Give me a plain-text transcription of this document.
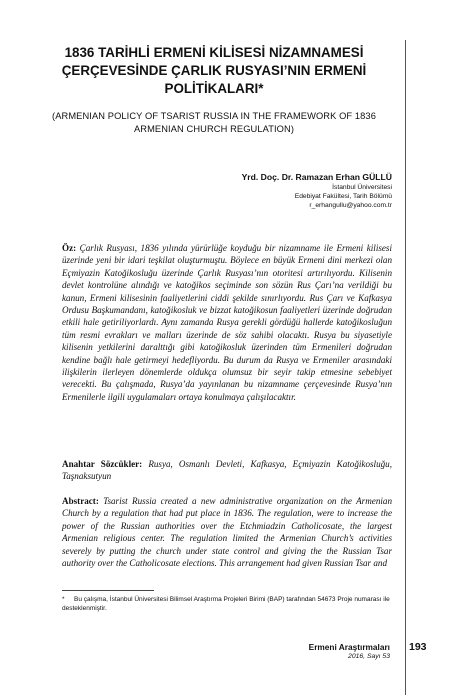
1836 TARİHLİ ERMENİ KİLİSESİ NİZAMNAMESİ ÇERÇEVESİNDE ÇARLIK RUSYASI’NIN ERMENİ POLİTİKALARI*

(ARMENIAN POLICY OF TSARIST RUSSIA IN THE FRAMEWORK OF 1836 ARMENIAN CHURCH REGULATION)

Yrd. Doç. Dr. Ramazan Erhan GÜLLÜ
İstanbul Üniversitesi
Edebiyat Fakültesi, Tarih Bölümü
r_erhangullu@yahoo.com.tr

Öz: Çarlık Rusyası, 1836 yılında yürürlüğe koyduğu bir nizamname ile Ermeni kilisesi üzerinde yeni bir idari teşkilat oluşturmuştu. Böylece en büyük Ermeni dini merkezi olan Eçmiyazin Katoğikosluğu üzerinde Çarlık Rusyası’nın otoritesi artırılıyordu. Kilisenin devlet kontrolüne alındığı ve katoğikos seçiminde son sözün Rus Çarı’na verildiği bu kanun, Ermeni kilisesinin faaliyetlerini ciddi şekilde sınırlıyordu. Rus Çarı ve Kafkasya Ordusu Başkumandanı, katoğikosluk ve bizzat katoğikosun faaliyetleri üzerinde doğrudan etkili hale getiriliyorlardı. Aynı zamanda Rusya gerekli gördüğü hallerde katoğikosluğun tüm resmi evrakları ve malları üzerinde de söz sahibi olacaktı. Rusya bu siyasetiyle kilisenin yetkilerini daralttığı gibi katoğikosluk üzerinden tüm Ermenileri doğrudan kendine bağlı hale getirmeyi hedefliyordu. Bu durum da Rusya ve Ermeniler arasındaki ilişkilerin ilerleyen dönemlerde oldukça olumsuz bir seyir takip etmesine sebebiyet verecekti. Bu çalışmada, Rusya’da yayınlanan bu nizamname çerçevesinde Rusya’nın Ermenilerle ilgili uygulamaları ortaya konulmaya çalışılacaktır.

Anahtar Sözcükler: Rusya, Osmanlı Devleti, Kafkasya, Eçmiyazin Katoğikosluğu, Taşnaksutyun

Abstract: Tsarist Russia created a new administrative organization on the Armenian Church by a regulation that had put place in 1836. The regulation, were to increase the power of the Russian authorities over the Etchmiadzin Catholicosate, the largest Armenian religious center. The regulation limited the Armenian Church’s activities severely by putting the church under state control and giving the the Russian Tsar authority over the Catholicosate elections. This arrangement had given Russian Tsar and

* Bu çalışma, İstanbul Üniversitesi Bilimsel Araştırma Projeleri Birimi (BAP) tarafından 54673 Proje numarası ile desteklenmiştir.
Ermeni Araştırmaları
2016, Sayı 53
193
